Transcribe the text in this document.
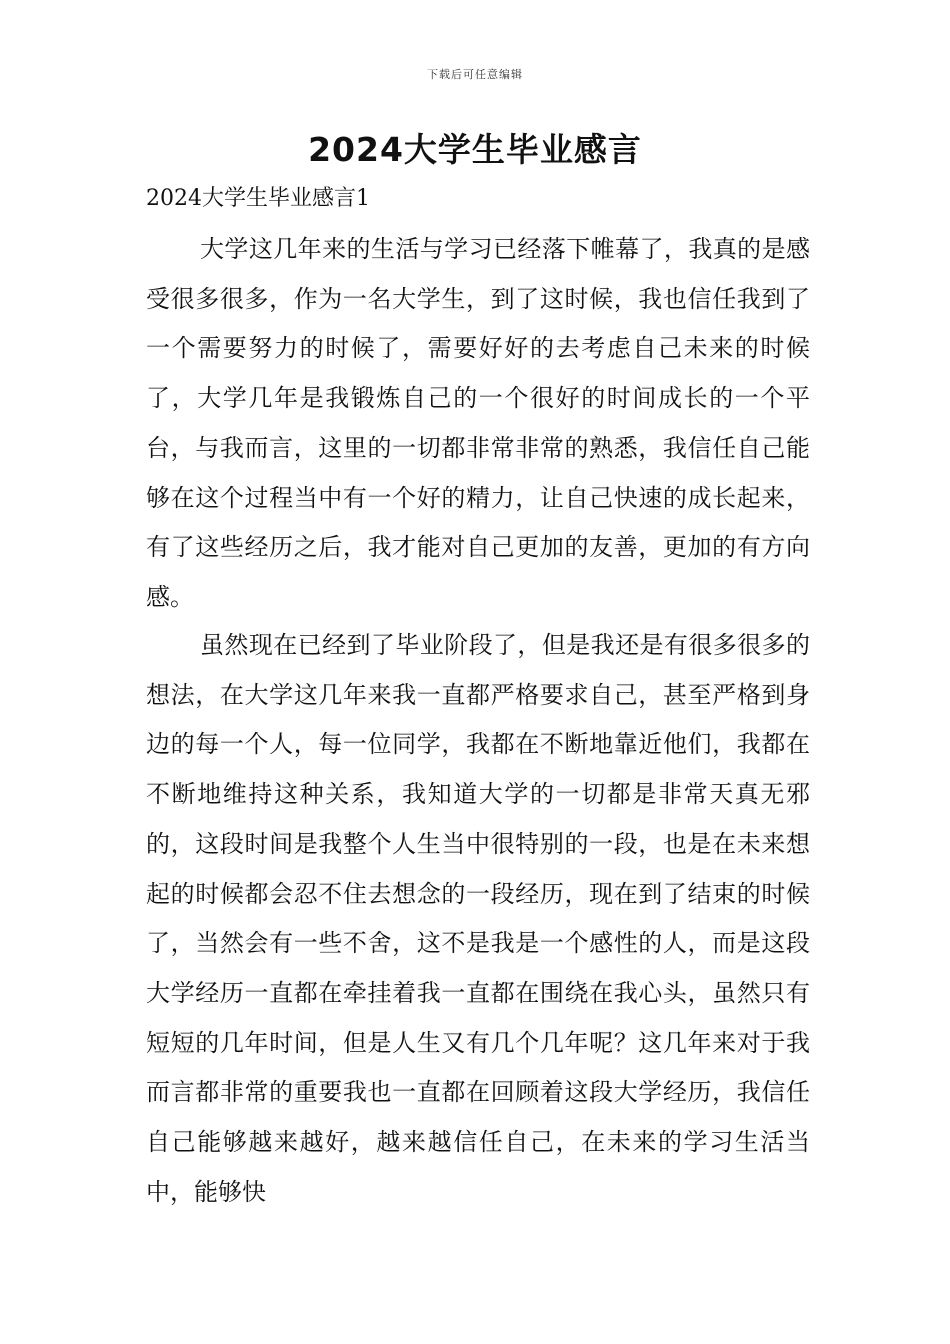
下载后可任意编辑
2024大学生毕业感言
2024大学生毕业感言1
大学这几年来的生活与学习已经落下帷幕了，我真的是感受很多很多，作为一名大学生，到了这时候，我也信任我到了一个需要努力的时候了，需要好好的去考虑自己未来的时候了，大学几年是我锻炼自己的一个很好的时间成长的一个平台，与我而言，这里的一切都非常非常的熟悉，我信任自己能够在这个过程当中有一个好的精力，让自己快速的成长起来，有了这些经历之后，我才能对自己更加的友善，更加的有方向感。
虽然现在已经到了毕业阶段了，但是我还是有很多很多的想法，在大学这几年来我一直都严格要求自己，甚至严格到身边的每一个人，每一位同学，我都在不断地靠近他们，我都在不断地维持这种关系，我知道大学的一切都是非常天真无邪的，这段时间是我整个人生当中很特别的一段，也是在未来想起的时候都会忍不住去想念的一段经历，现在到了结束的时候了，当然会有一些不舍，这不是我是一个感性的人，而是这段大学经历一直都在牵挂着我一直都在围绕在我心头，虽然只有短短的几年时间，但是人生又有几个几年呢？这几年来对于我而言都非常的重要我也一直都在回顾着这段大学经历，我信任自己能够越来越好，越来越信任自己，在未来的学习生活当中，能够快
